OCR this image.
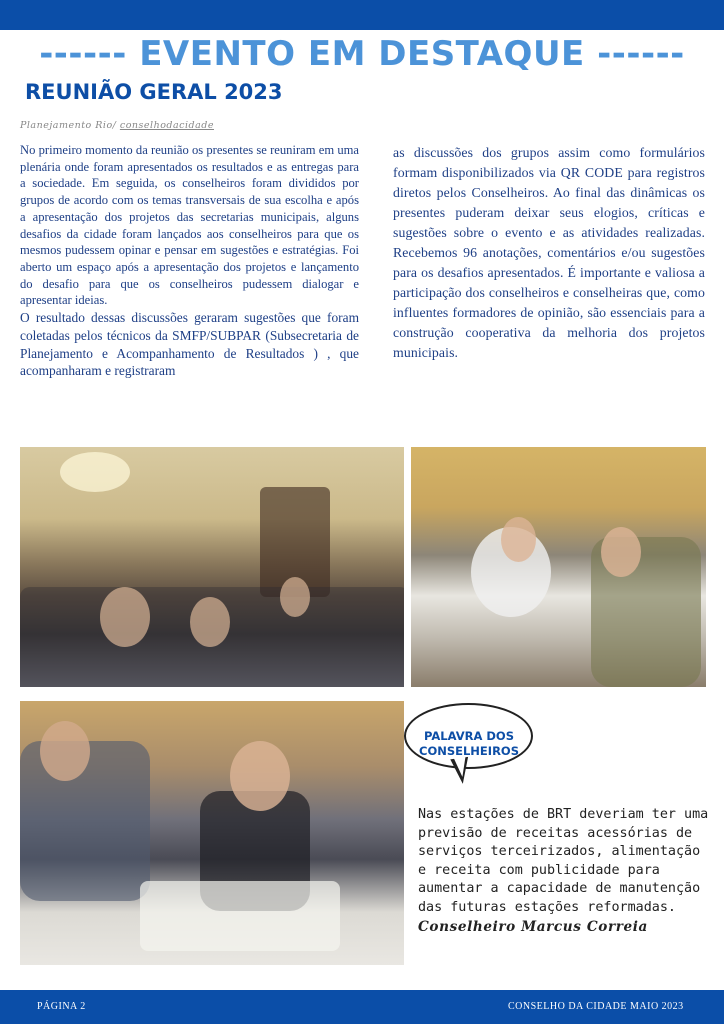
------ EVENTO EM DESTAQUE ------
REUNIÃO GERAL 2023
Planejamento Rio/ conselhodacidade

No primeiro momento da reunião os presentes se reuniram em uma plenária onde foram apresentados os resultados e as entregas para a sociedade. Em seguida, os conselheiros foram divididos por grupos de acordo com os temas transversais de sua escolha e após a apresentação dos projetos das secretarias municipais, alguns desafios da cidade foram lançados aos conselheiros para que os mesmos pudessem opinar e pensar em sugestões e estratégias. Foi aberto um espaço após a apresentação dos projetos e lançamento do desafio para que os conselheiros pudessem dialogar e apresentar ideias.

O resultado dessas discussões geraram sugestões que foram coletadas pelos técnicos da SMFP/SUBPAR (Subsecretaria de Planejamento e Acompanhamento de Resultados ) , que acompanharam e registraram

as discussões dos grupos assim como formulários formam disponibilizados via QR CODE para registros diretos pelos Conselheiros. Ao final das dinâmicas os presentes puderam deixar seus elogios, críticas e sugestões sobre o evento e as atividades realizadas. Recebemos 96 anotações, comentários e/ou sugestões para os desafios apresentados. É importante e valiosa a participação dos conselheiros e conselheiras que, como influentes formadores de opinião, são essenciais para a construção cooperativa da melhoria dos projetos municipais.

PALAVRA DOS
CONSELHEIROS
Nas estações de BRT deveriam ter uma previsão de receitas acessórias de serviços terceirizados, alimentação e receita com publicidade para aumentar a capacidade de manutenção das futuras estações reformadas.
Conselheiro Marcus Correia
PÁGINA 2	CONSELHO DA CIDADE MAIO 2023
